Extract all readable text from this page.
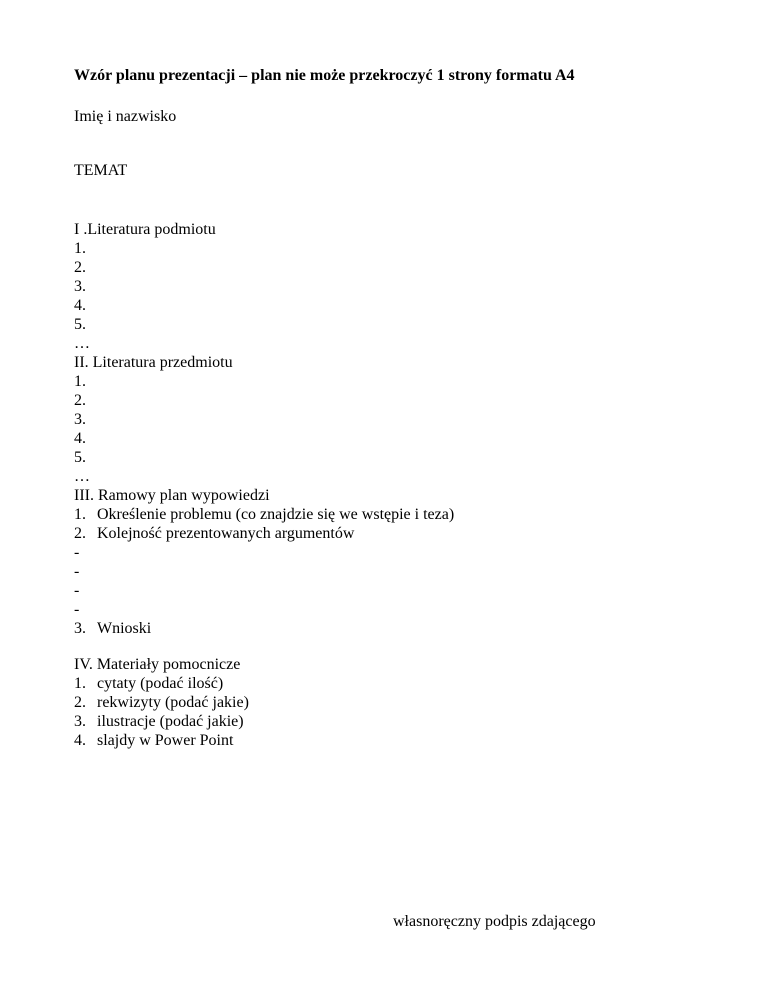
Wzór planu prezentacji – plan nie może przekroczyć 1 strony formatu A4
Imię i nazwisko
TEMAT
I .Literatura podmiotu
1.
2.
3.
4.
5.
…
II. Literatura przedmiotu
1.
2.
3.
4.
5.
…
III. Ramowy plan wypowiedzi
1. Określenie problemu (co znajdzie się we wstępie i teza)
2. Kolejność prezentowanych argumentów
-
-
-
-
3. Wnioski
IV. Materiały pomocnicze
1. cytaty (podać ilość)
2. rekwizyty (podać jakie)
3. ilustracje (podać jakie)
4. slajdy w Power Point
własnoręczny podpis zdającego
